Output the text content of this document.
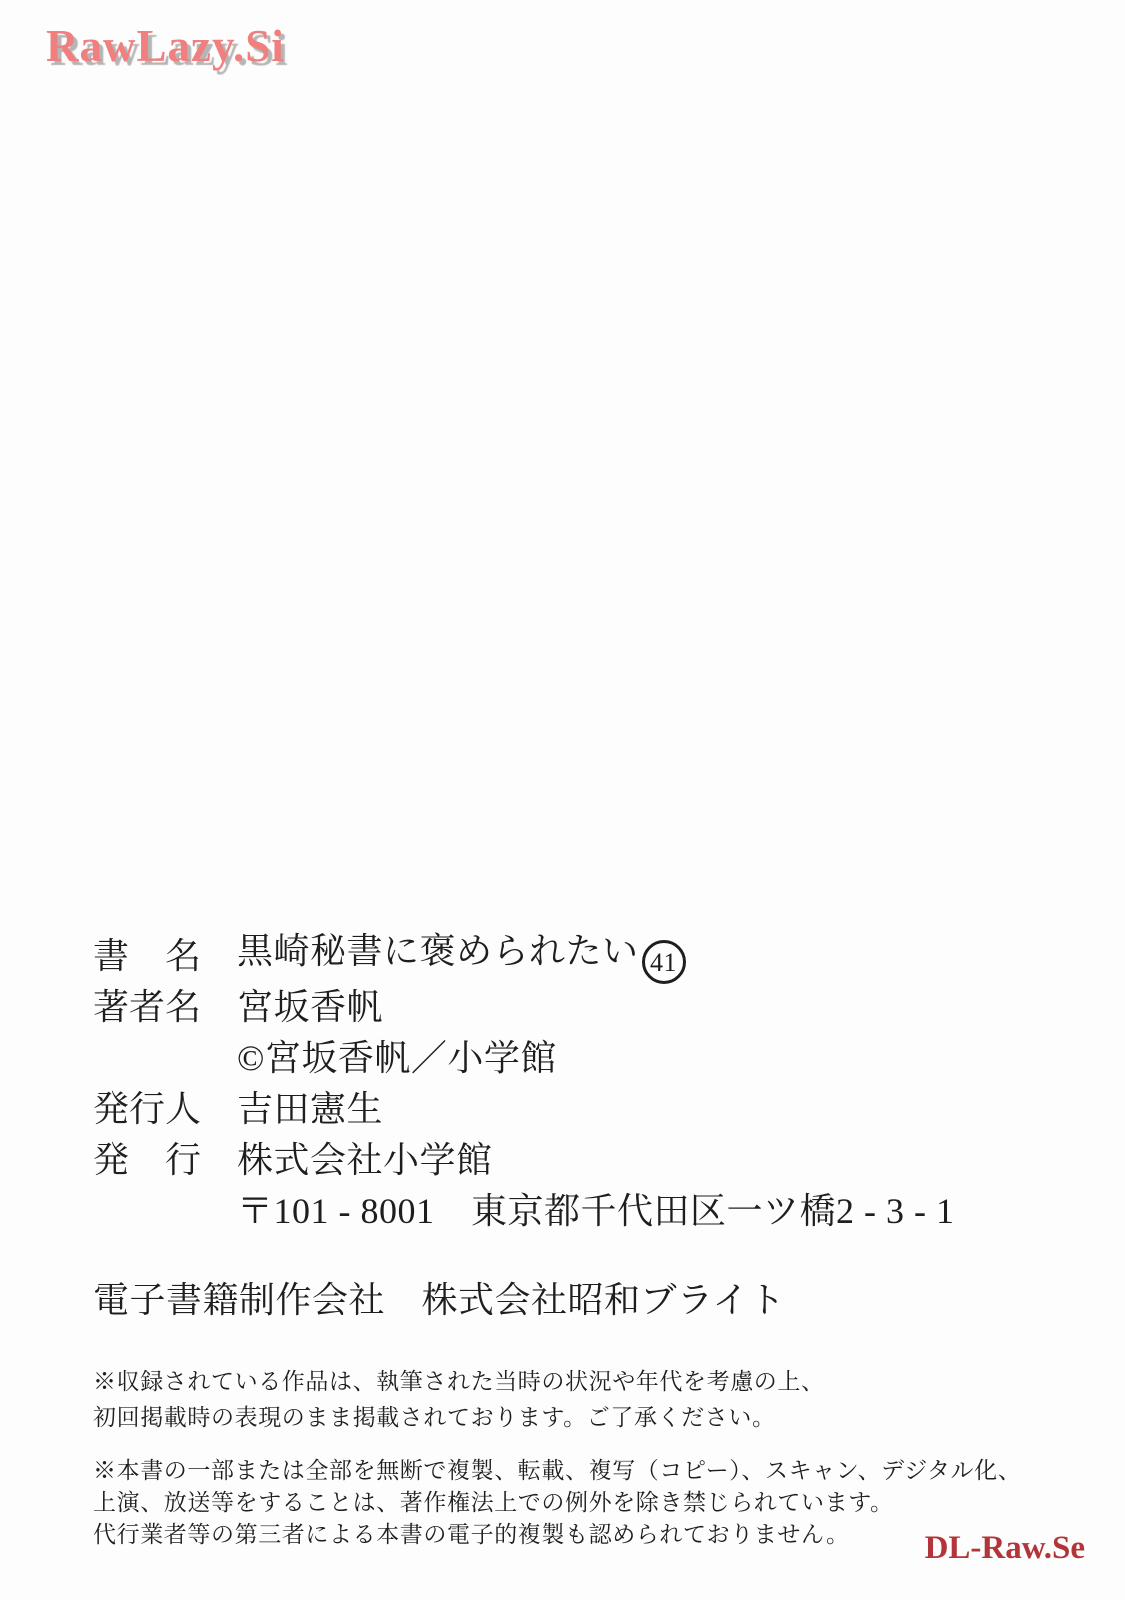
RawLazy.Si
書　名 黒崎秘書に褒められたい 41
著者名 宮坂香帆
©宮坂香帆／小学館
発行人 吉田憲生
発　行 株式会社小学館
〒101 - 8001　東京都千代田区一ツ橋2 - 3 - 1
電子書籍制作会社　株式会社昭和ブライト
※収録されている作品は、執筆された当時の状況や年代を考慮の上、
初回掲載時の表現のまま掲載されております。ご了承ください。
※本書の一部または全部を無断で複製、転載、複写（コピー）、スキャン、デジタル化、
上演、放送等をすることは、著作権法上での例外を除き禁じられています。
代行業者等の第三者による本書の電子的複製も認められておりません。	DL-Raw.Se
